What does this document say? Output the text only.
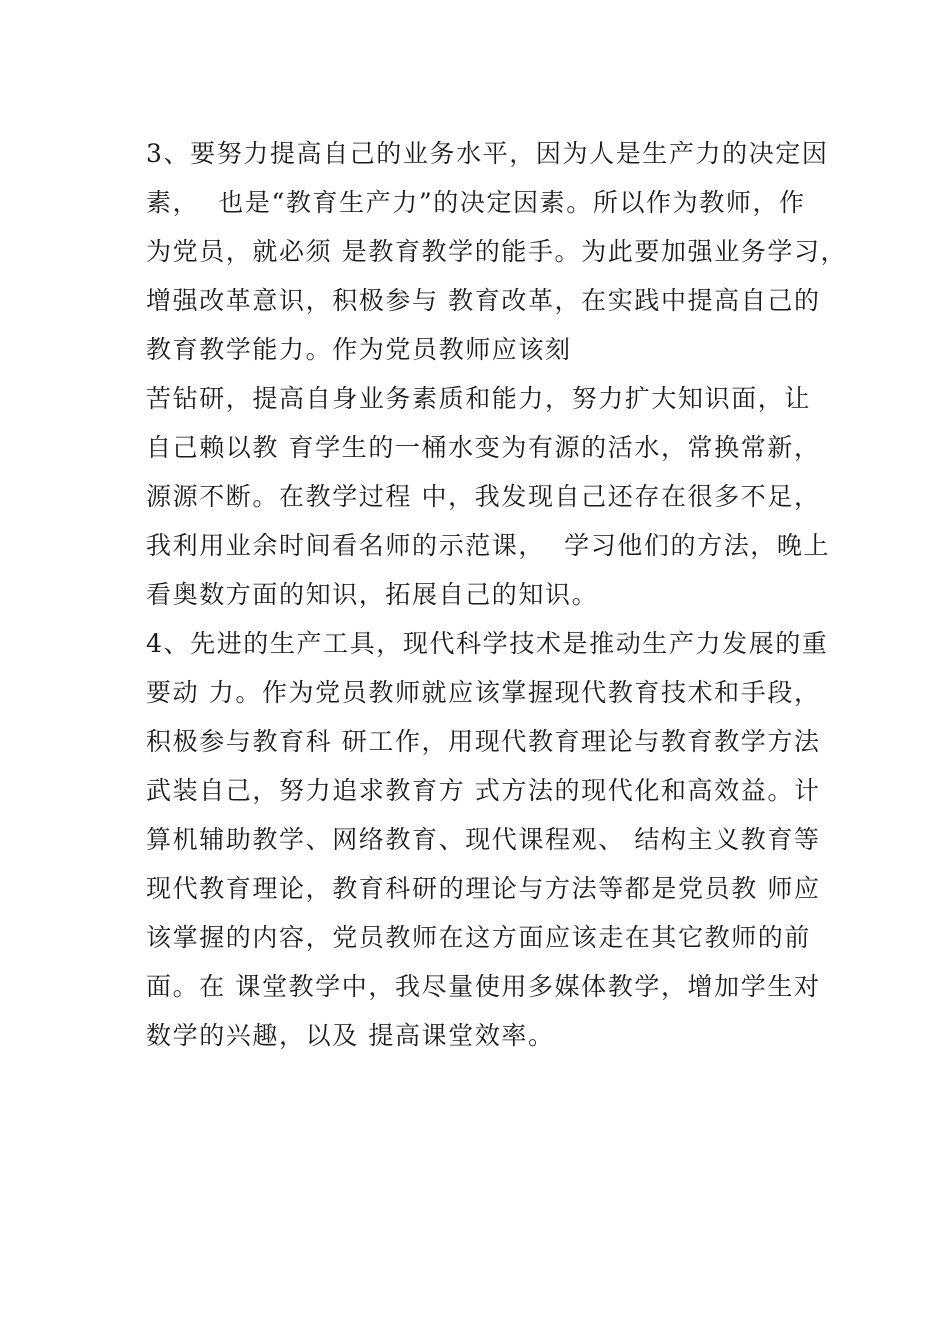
3、要努力提高自己的业务水平，因为人是生产力的决定因
素，  也是“教育生产力”的决定因素。所以作为教师，作
为党员，就必须 是教育教学的能手。为此要加强业务学习，
增强改革意识，积极参与 教育改革，在实践中提高自己的
教育教学能力。作为党员教师应该刻
苦钻研，提高自身业务素质和能力，努力扩大知识面，让
自己赖以教 育学生的一桶水变为有源的活水，常换常新，
源源不断。在教学过程 中，我发现自己还存在很多不足，
我利用业余时间看名师的示范课，  学习他们的方法，晚上
看奥数方面的知识，拓展自己的知识。
4、先进的生产工具，现代科学技术是推动生产力发展的重
要动 力。作为党员教师就应该掌握现代教育技术和手段，
积极参与教育科 研工作，用现代教育理论与教育教学方法
武装自己，努力追求教育方 式方法的现代化和高效益。计
算机辅助教学、网络教育、现代课程观、 结构主义教育等
现代教育理论，教育科研的理论与方法等都是党员教 师应
该掌握的内容，党员教师在这方面应该走在其它教师的前
面。在 课堂教学中，我尽量使用多媒体教学，增加学生对
数学的兴趣，以及 提高课堂效率。
